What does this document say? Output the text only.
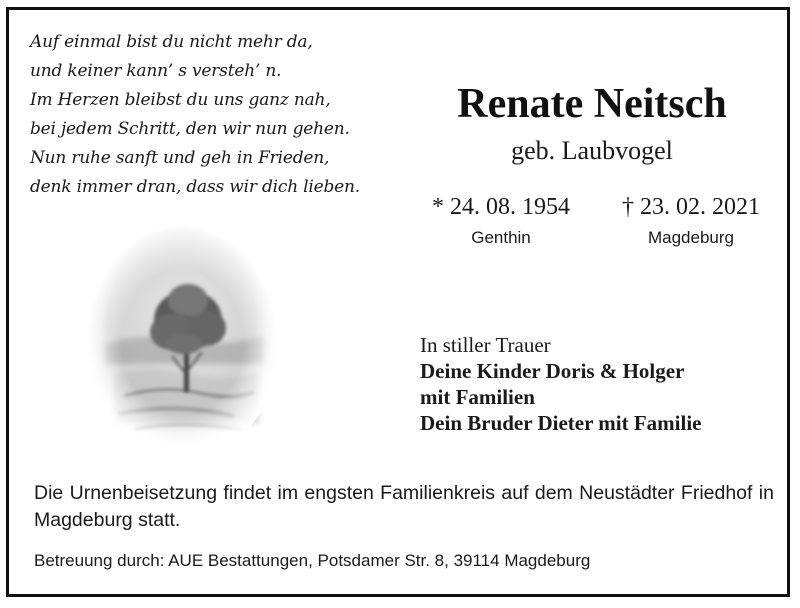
Auf einmal bist du nicht mehr da,
und keiner kann’ s versteh’ n.
Im Herzen bleibst du uns ganz nah,
bei jedem Schritt, den wir nun gehen.
Nun ruhe sanft und geh in Frieden,
denk immer dran, dass wir dich lieben.
Renate Neitsch
geb. Laubvogel
* 24. 08. 1954
Genthin
† 23. 02. 2021
Magdeburg
In stiller Trauer
Deine Kinder Doris & Holger
mit Familien
Dein Bruder Dieter mit Familie
Die Urnenbeisetzung findet im engsten Familienkreis auf dem Neustädter Friedhof in Magdeburg statt.
Betreuung durch: AUE Bestattungen, Potsdamer Str. 8, 39114 Magdeburg
